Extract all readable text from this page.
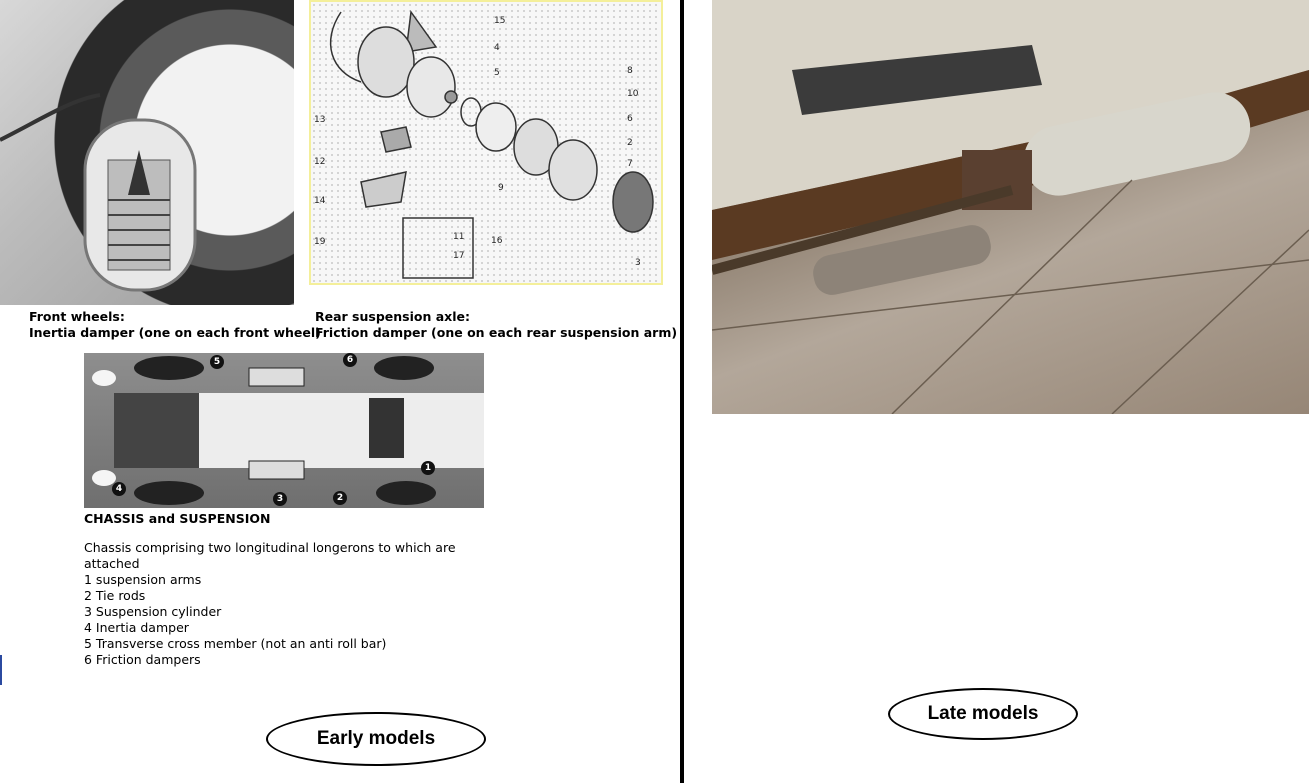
15
4
5	8
10
6
2
7
9
13
12
14
19	11
17
16
3
Front wheels:
Inertia damper (one on each front wheel)
Rear suspension axle:
Friction damper (one on each rear suspension arm)
5	6
1
2
3
4
CHASSIS and SUSPENSION
Chassis comprising two longitudinal longerons to which are
attached
1 suspension arms
2 Tie rods
3 Suspension cylinder
4 Inertia damper
5 Transverse cross member (not an anti roll bar)
6 Friction dampers
Early models
Late models
